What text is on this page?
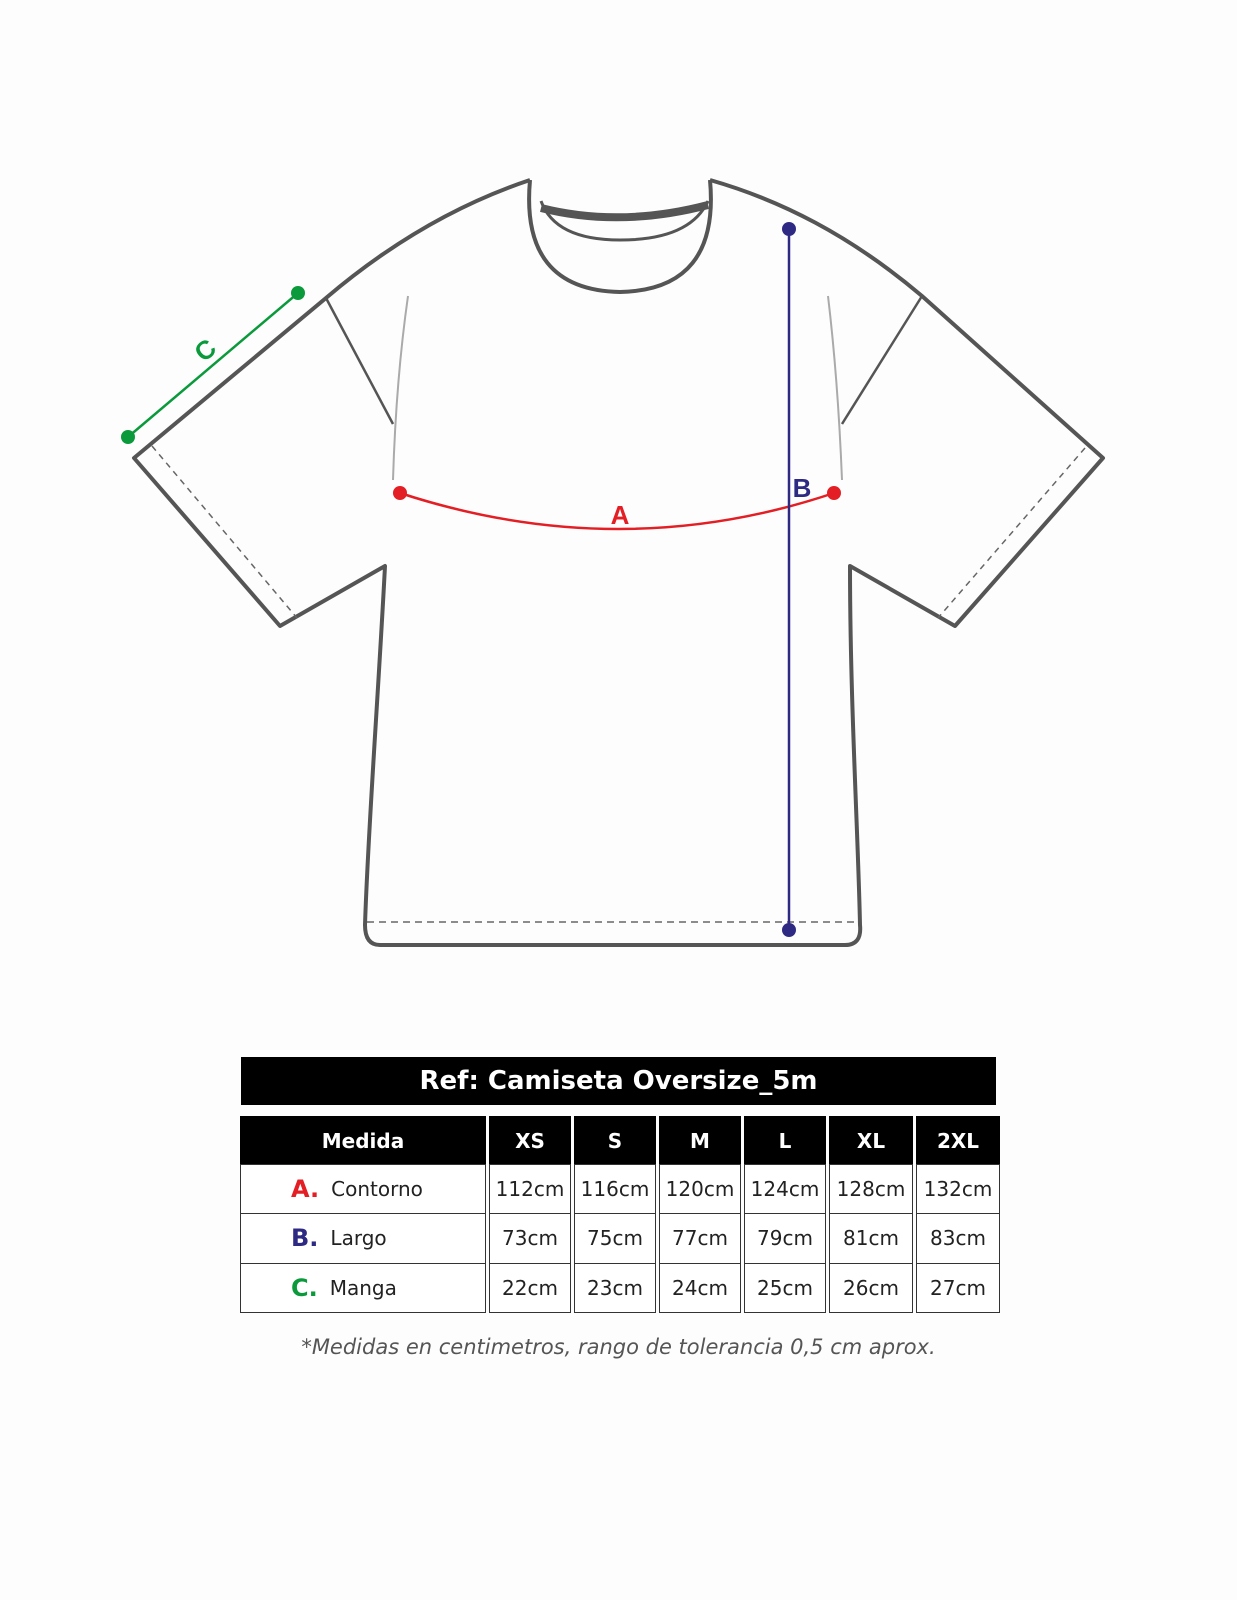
A
B
C
Ref: Camiseta Oversize_5m
Medida	XS	S	M	L	XL	2XL
A. Contorno	112cm 116cm 120cm 124cm 128cm 132cm
B. Largo	73cm	75cm	77cm	79cm	81cm	83cm
C. Manga	22cm	23cm	24cm	25cm	26cm	27cm
*Medidas en centimetros, rango de tolerancia 0,5 cm aprox.
